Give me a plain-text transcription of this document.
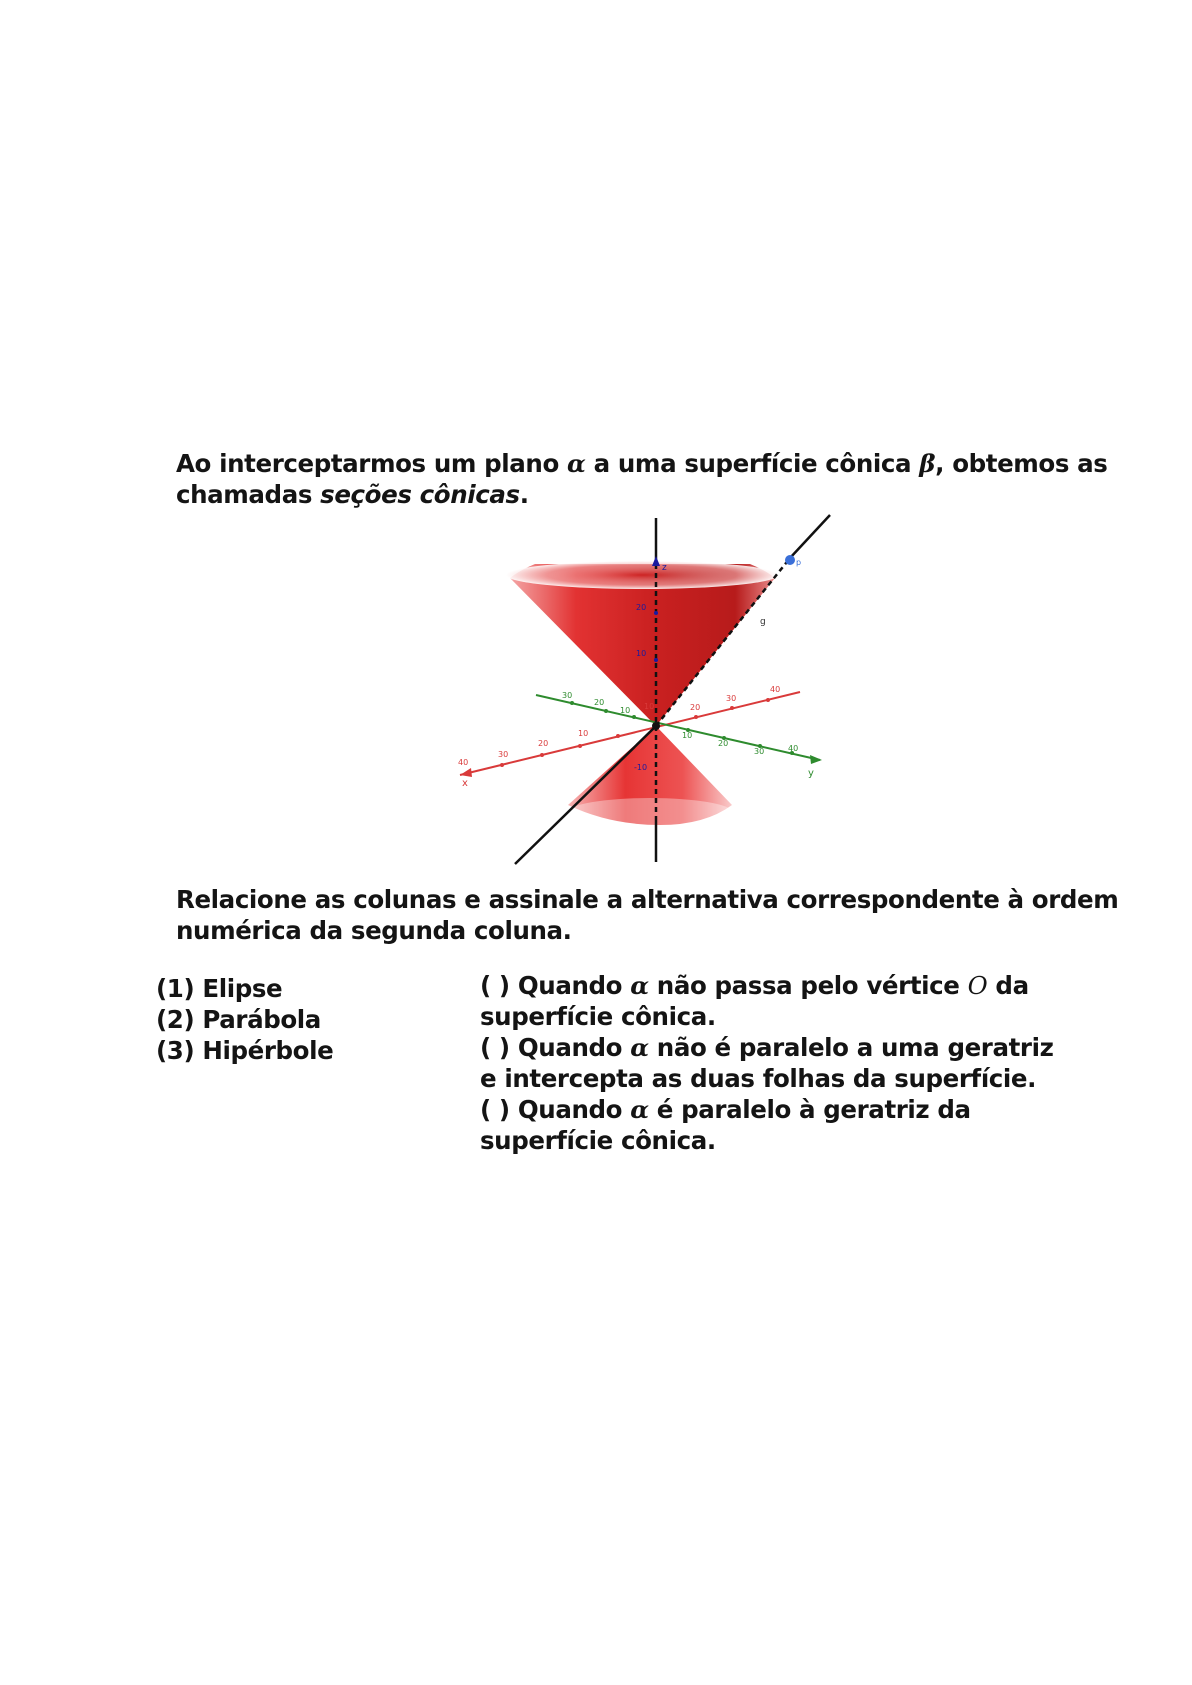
Ao interceptarmos um plano α a uma superfície cônica β, obtemos as
chamadas seções cônicas.
40
30
20
10
10	20
30
40
30
20
10
10
20
30	40
20
10
-10
x
y
z
g
p
Relacione as colunas e assinale a alternativa correspondente à ordem
numérica da segunda coluna.
(1) Elipse
(2) Parábola
(3) Hipérbole
( ) Quando α não passa pelo vértice O da
superfície cônica.
( ) Quando α não é paralelo a uma geratriz
e intercepta as duas folhas da superfície.
( ) Quando α é paralelo à geratriz da
superfície cônica.
